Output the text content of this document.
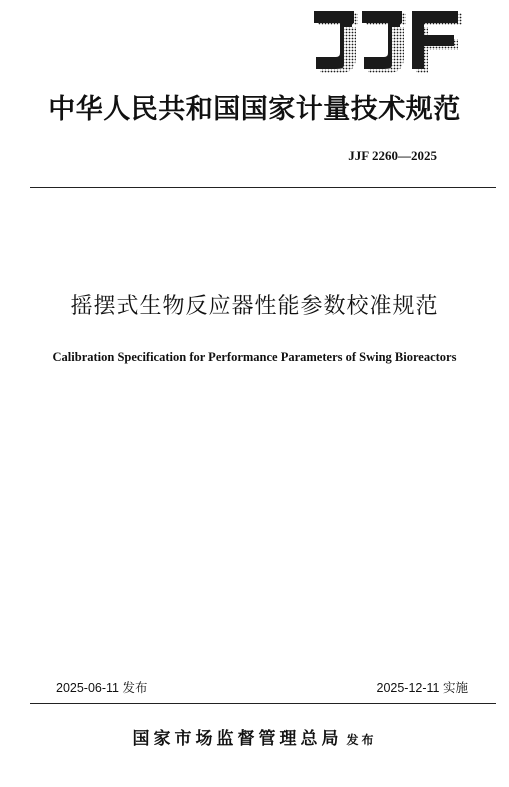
中华人民共和国国家计量技术规范
JJF 2260—2025
摇摆式生物反应器性能参数校准规范
Calibration Specification for Performance Parameters of Swing Bioreactors
2025-06-11 发布	2025-12-11 实施
国家市场监督管理总局 发布
